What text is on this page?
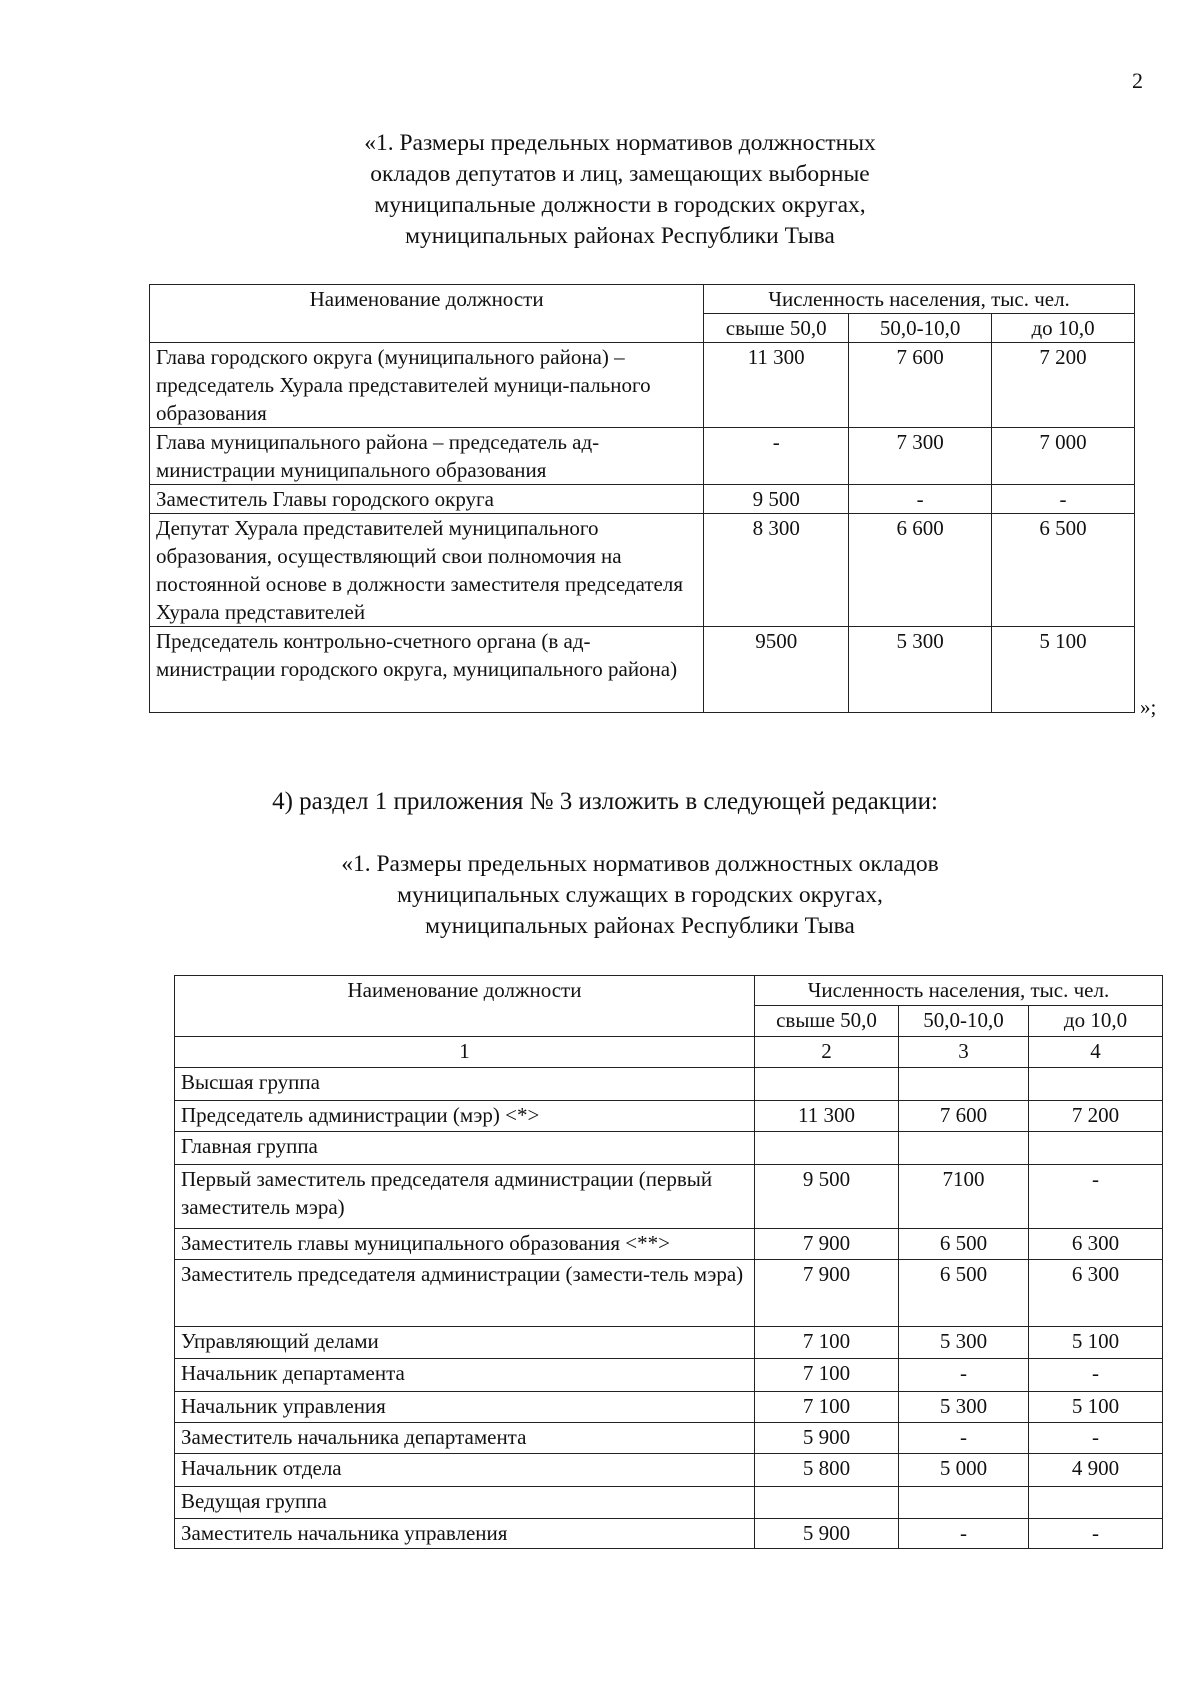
2
«1. Размеры предельных нормативов должностных
окладов депутатов и лиц, замещающих выборные
муниципальные должности в городских округах,
муниципальных районах Республики Тыва
Наименование должности	Численность населения, тыс. чел.		
	свыше 50,0	50,0-10,0	до 10,0
Глава городского округа (муниципального района) – председатель Хурала представителей муници-пального образования	11 300	7 600	7 200
Глава муниципального района – председатель ад-министрации муниципального образования	-	7 300	7 000
Заместитель Главы городского округа	9 500	-	-
Депутат Хурала представителей муниципального образования, осуществляющий свои полномочия на постоянной основе в должности заместителя председателя Хурала представителей	8 300	6 600	6 500
Председатель контрольно-счетного органа (в ад-министрации городского округа, муниципального района)	9500	5 300	5 100
»;
4) раздел 1 приложения № 3 изложить в следующей редакции:
«1. Размеры предельных нормативов должностных окладов
муниципальных служащих в городских округах,
муниципальных районах Республики Тыва
Наименование должности	Численность населения, тыс. чел.		
	свыше 50,0	50,0-10,0	до 10,0
1	2	3	4
Высшая группа			
Председатель администрации (мэр) <*>	11 300	7 600	7 200
Главная группа			
Первый заместитель председателя администрации (первый заместитель мэра)	9 500	7100	-
Заместитель главы муниципального образования <**>	7 900	6 500	6 300
Заместитель председателя администрации (замести-тель мэра)	7 900	6 500	6 300
Управляющий делами	7 100	5 300	5 100
Начальник департамента	7 100	-	-
Начальник управления	7 100	5 300	5 100
Заместитель начальника департамента	5 900	-	-
Начальник отдела	5 800	5 000	4 900
Ведущая группа			
Заместитель начальника управления	5 900	-	-
